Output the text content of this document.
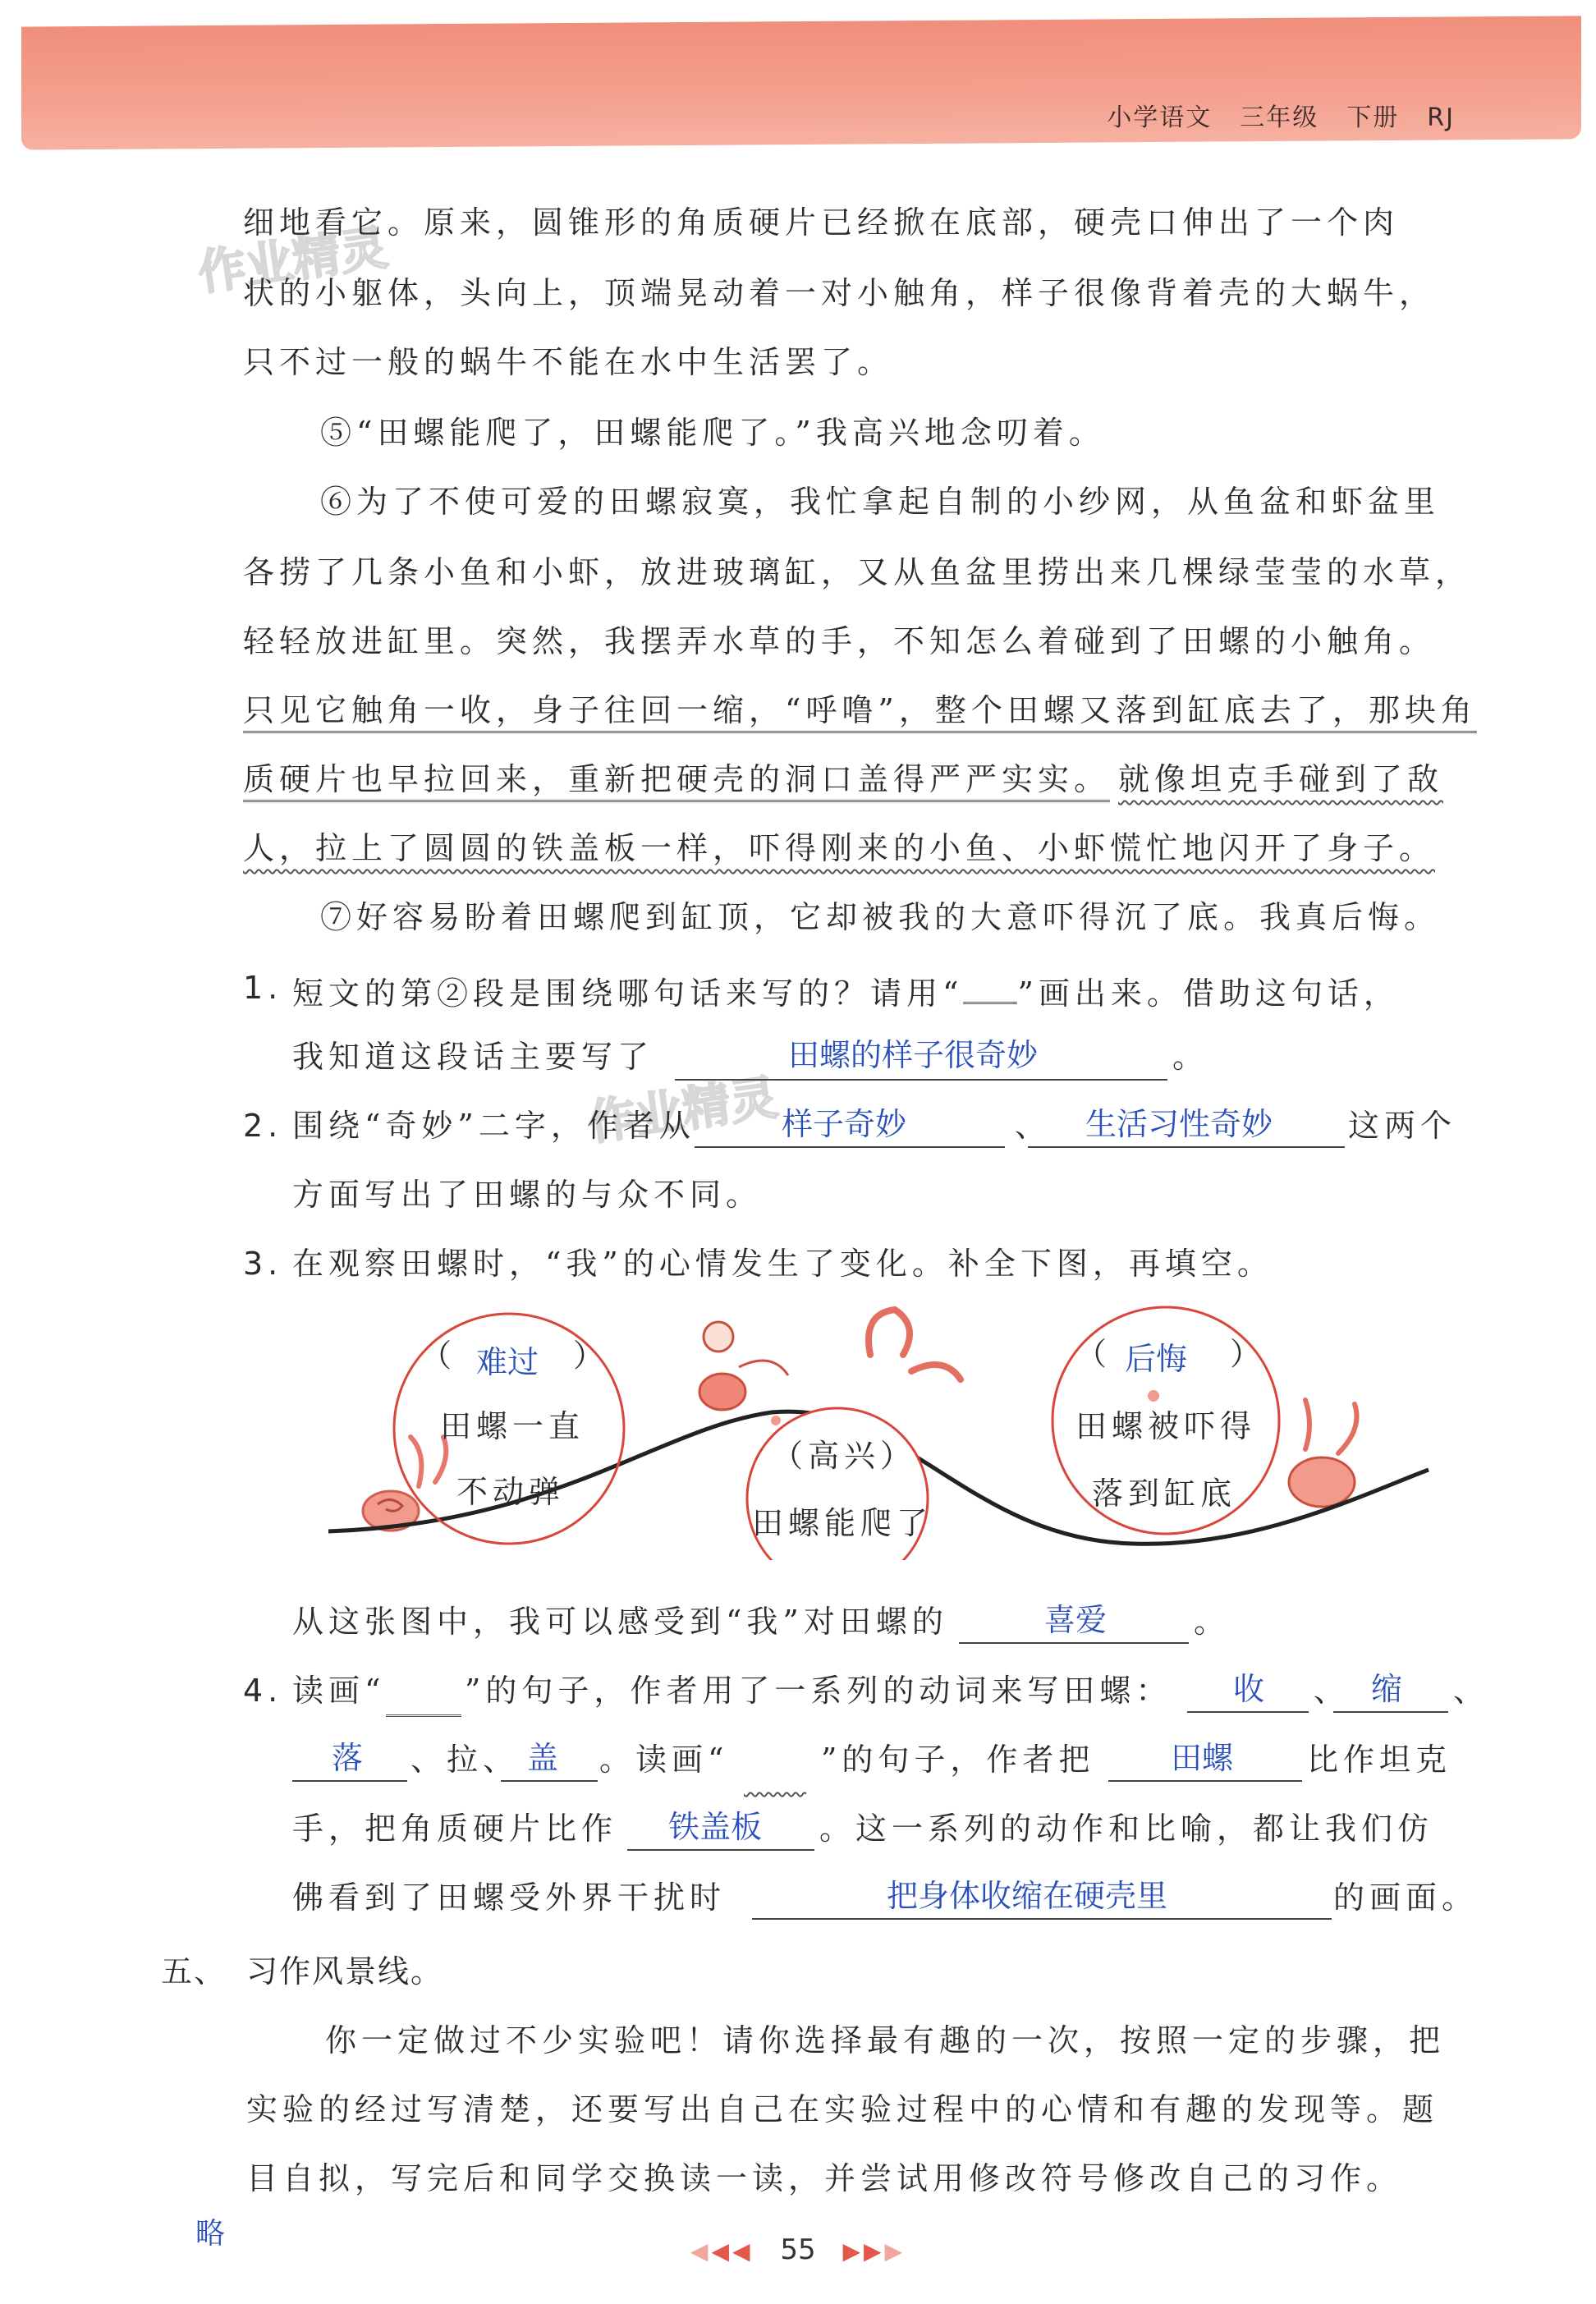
小学语文 三年级 下册 RJ
作业精灵
作业精灵
细地看它。原来，圆锥形的角质硬片已经掀在底部，硬壳口伸出了一个肉
状的小躯体，头向上，顶端晃动着一对小触角，样子很像背着壳的大蜗牛，
只不过一般的蜗牛不能在水中生活罢了。
⑤“田螺能爬了，田螺能爬了。”我高兴地念叨着。
⑥为了不使可爱的田螺寂寞，我忙拿起自制的小纱网，从鱼盆和虾盆里
各捞了几条小鱼和小虾，放进玻璃缸，又从鱼盆里捞出来几棵绿莹莹的水草，
轻轻放进缸里。突然，我摆弄水草的手，不知怎么着碰到了田螺的小触角。
只见它触角一收，身子往回一缩，“呼噜”，整个田螺又落到缸底去了，那块角
质硬片也早拉回来，重新把硬壳的洞口盖得严严实实。 就像坦克手碰到了敌
人，拉上了圆圆的铁盖板一样，吓得刚来的小鱼、小虾慌忙地闪开了身子。
⑦好容易盼着田螺爬到缸顶，它却被我的大意吓得沉了底。我真后悔。
1. 短文的第②段是围绕哪句话来写的？请用“ ”画出来。借助这句话，
我知道这段话主要写了	田螺的样子很奇妙	。
2. 围绕“奇妙”二字，作者从	样子奇妙	、 生活习性奇妙 这两个
方面写出了田螺的与众不同。
3. 在观察田螺时，“我”的心情发生了变化。补全下图，再填空。
（ 难过 ）
田螺一直
不动弹
（高兴）
田螺能爬了
（ 后悔 ）
田螺被吓得
落到缸底
从这张图中，我可以感受到“我”对田螺的	喜爱	。
4. 读画“	”的句子，作者用了一系列的动词来写田螺： 收 、 缩 、
落 、拉、 盖 。读画“	”的句子，作者把 田螺 比作坦克
手，把角质硬片比作 铁盖板 。这一系列的动作和比喻，都让我们仿
佛看到了田螺受外界干扰时	把身体收缩在硬壳里	的画面。
五、 习作风景线。
你一定做过不少实验吧！请你选择最有趣的一次，按照一定的步骤，把
实验的经过写清楚，还要写出自己在实验过程中的心情和有趣的发现等。题
目自拟，写完后和同学交换读一读，并尝试用修改符号修改自己的习作。
略
◀◀◀ 55 ▶▶▶
